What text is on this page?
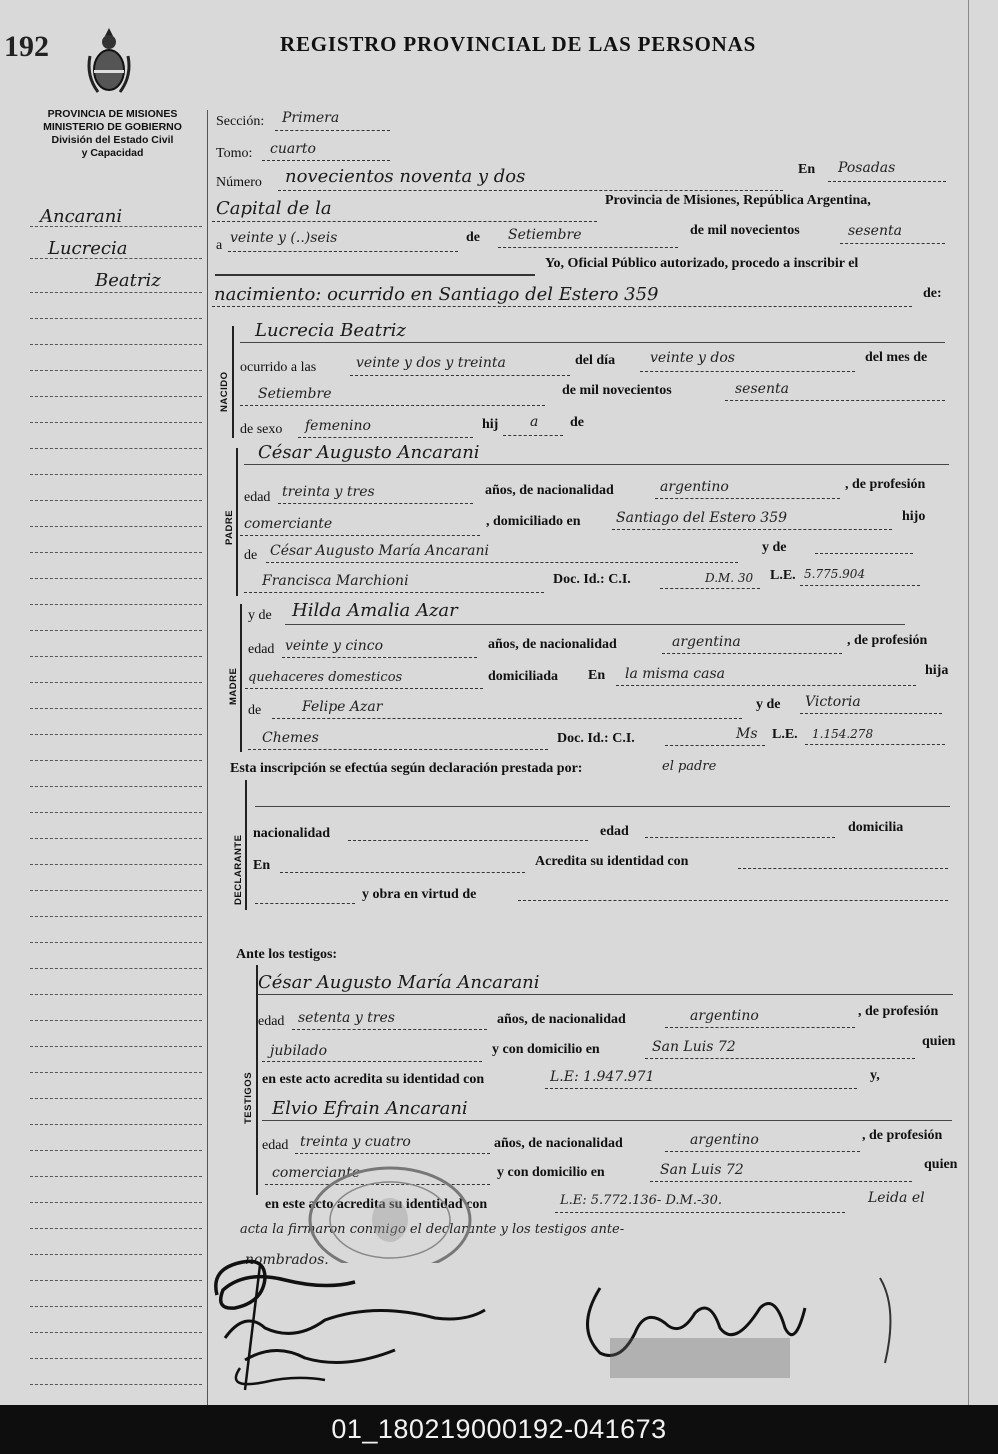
192	REGISTRO PROVINCIAL DE LAS PERSONAS
PROVINCIA DE MISIONES
MINISTERIO DE GOBIERNO
División del Estado Civil
y Capacidad
Ancarani
Lucrecia
Beatriz
Sección: Primera
Tomo: cuarto
Número novecientos noventa y dos	En Posadas
Capital de la	Provincia de Misiones, República Argentina,
a veinte y (..)seis	de Setiembre	de mil novecientos	sesenta
Yo, Oficial Público autorizado, procedo a inscribir el
nacimiento: ocurrido en Santiago del Estero 359	de:
NACIDO
Lucrecia Beatriz
ocurrido a las	veinte y dos y treinta	del día veinte y dos	del mes de
Setiembre	de mil novecientos	sesenta
de sexo femenino	hij a de
PADRE
César Augusto Ancarani
edad treinta y tres	años, de nacionalidad	argentino	, de profesión
comerciante	, domiciliado en	Santiago del Estero 359	hijo
de César Augusto María Ancarani	y de
Francisca Marchioni	Doc. Id.: C.I.	D.M. 30 L.E. 5.775.904
MADRE
y de Hilda Amalia Azar
edad veinte y cinco	años, de nacionalidad	argentina	, de profesión
quehaceres domesticos	domiciliada En la misma casa	hija
de	Felipe Azar	y de Victoria
Chemes	Doc. Id.: C.I.	Ms L.E. 1.154.278
Esta inscripción se efectúa según declaración prestada por:	el padre
DECLARANTE
nacionalidad	edad	domicilia
En	Acredita su identidad con
y obra en virtud de
Ante los testigos:
TESTIGOS
César Augusto María Ancarani
edad setenta y tres	años, de nacionalidad	argentino	, de profesión
jubilado	y con domicilio en	San Luis 72	quien
en este acto acredita su identidad con	L.E: 1.947.971	y,
Elvio Efrain Ancarani
edad treinta y cuatro	años, de nacionalidad	argentino	, de profesión
comerciante	y con domicilio en	San Luis 72	quien
en este acto acredita su identidad con	L.E: 5.772.136- D.M.-30.	Leida el
acta la firmaron conmigo el declarante y los testigos ante-
nombrados.
01_180219000192-041673
